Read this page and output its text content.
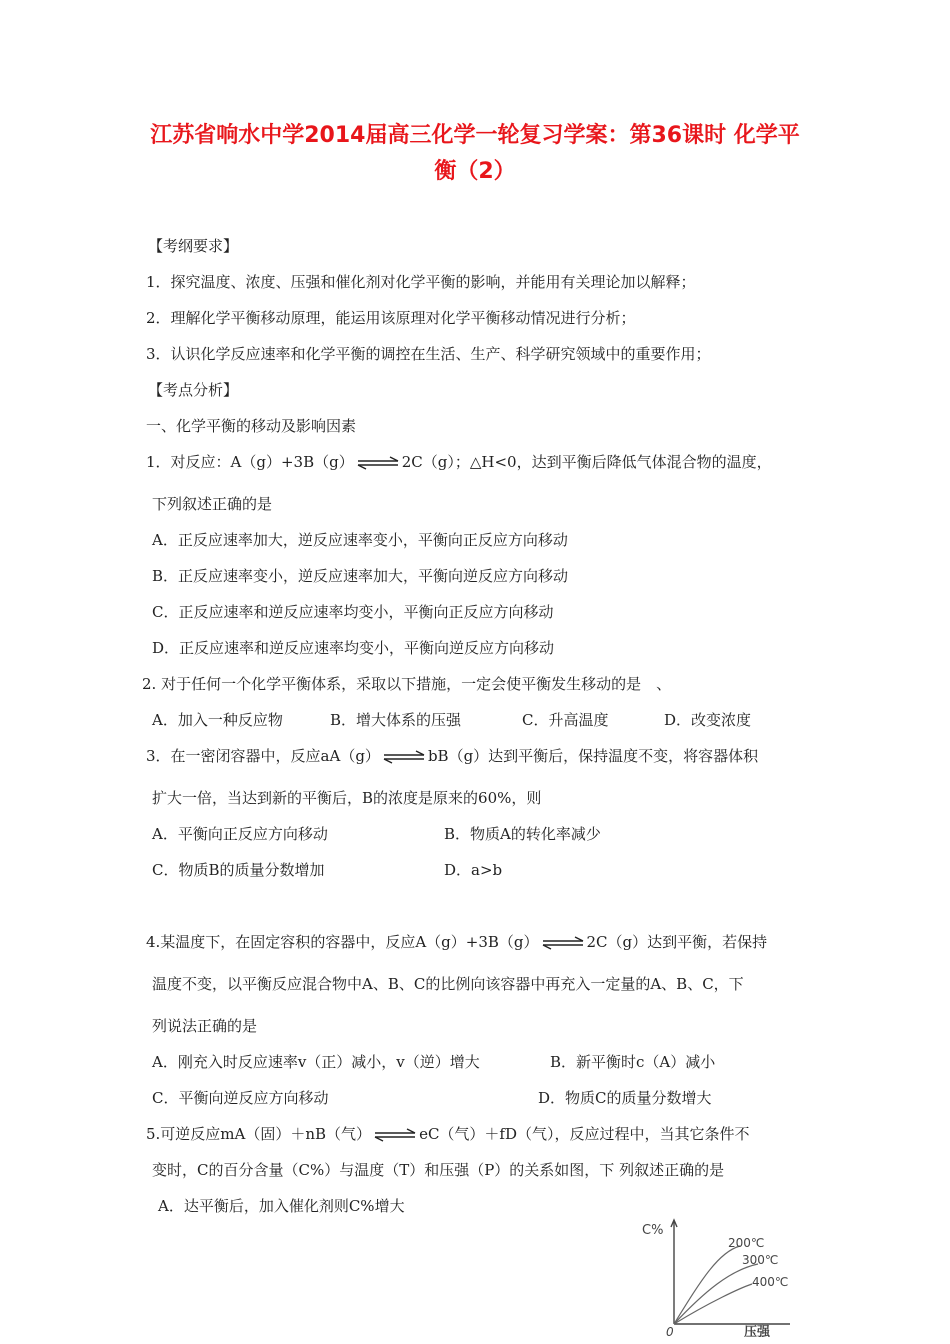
江苏省响水中学2014届高三化学一轮复习学案：第36课时 化学平
衡（2）
【考纲要求】
1．探究温度、浓度、压强和催化剂对化学平衡的影响，并能用有关理论加以解释；
2．理解化学平衡移动原理，能运用该原理对化学平衡移动情况进行分析；
3．认识化学反应速率和化学平衡的调控在生活、生产、科学研究领域中的重要作用；
【考点分析】
一、化学平衡的移动及影响因素
1．对反应：A（g）+3B（g） ⇌ 2C（g）；△H<0，达到平衡后降低气体混合物的温度，
下列叙述正确的是
A．正反应速率加大，逆反应速率变小，平衡向正反应方向移动
B．正反应速率变小，逆反应速率加大，平衡向逆反应方向移动
C．正反应速率和逆反应速率均变小，平衡向正反应方向移动
D．正反应速率和逆反应速率均变小，平衡向逆反应方向移动
2. 对于任何一个化学平衡体系，采取以下措施，一定会使平衡发生移动的是　、
A．加入一种反应物	B．增大体系的压强	C．升高温度	D．改变浓度
3．在一密闭容器中，反应aA（g） ⇌ bB（g）达到平衡后，保持温度不变，将容器体积
扩大一倍，当达到新的平衡后，B的浓度是原来的60%，则
A．平衡向正反应方向移动	B．物质A的转化率减少
C．物质B的质量分数增加	D．a>b
4.某温度下，在固定容积的容器中，反应A（g）+3B（g） ⇌ 2C（g）达到平衡，若保持
温度不变，以平衡反应混合物中A、B、C的比例向该容器中再充入一定量的A、B、C，下
列说法正确的是
A．刚充入时反应速率v（正）减小，v（逆）增大	B．新平衡时c（A）减小
C．平衡向逆反应方向移动	D．物质C的质量分数增大
5.可逆反应mA（固）＋nB（气） ⇌ eC（气）＋fD（气），反应过程中，当其它条件不
变时，C的百分含量（C%）与温度（T）和压强（P）的关系如图，下 列叙述正确的是
A．达平衡后，加入催化剂则C%增大
C%
0	压强
200℃
300℃
400℃
